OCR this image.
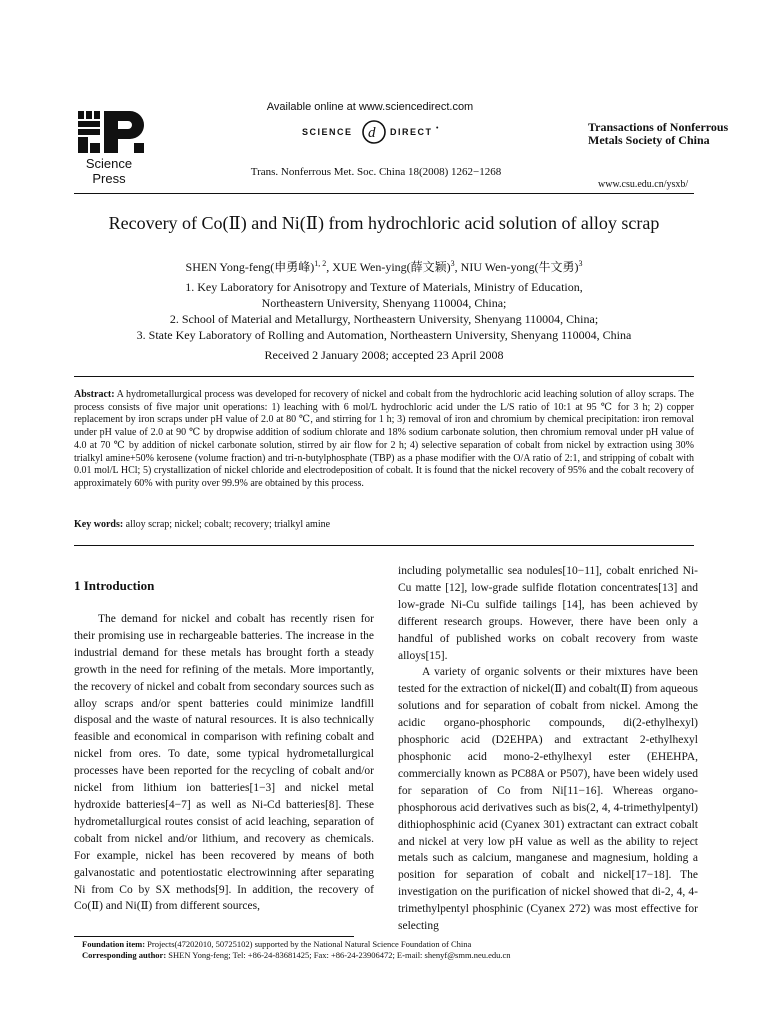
Science Press
Available online at www.sciencedirect.com
SCIENCE d DIRECT •
Trans. Nonferrous Met. Soc. China 18(2008) 1262−1268
Transactions of Nonferrous Metals Society of China
www.csu.edu.cn/ysxb/
Recovery of Co(Ⅱ) and Ni(Ⅱ) from hydrochloric acid solution of alloy scrap
SHEN Yong-feng(申勇峰)$^{1, 2}$, XUE Wen-ying(薛文颖)$^3$, NIU Wen-yong(牛文勇)$^3$
1. Key Laboratory for Anisotropy and Texture of Materials, Ministry of Education,
Northeastern University, Shenyang 110004, China;
2. School of Material and Metallurgy, Northeastern University, Shenyang 110004, China;
3. State Key Laboratory of Rolling and Automation, Northeastern University, Shenyang 110004, China
Received 2 January 2008; accepted 23 April 2008
Abstract: A hydrometallurgical process was developed for recovery of nickel and cobalt from the hydrochloric acid leaching solution of alloy scraps. The process consists of five major unit operations: 1) leaching with 6 mol/L hydrochloric acid under the L/S ratio of 10:1 at 95 ℃ for 3 h; 2) copper replacement by iron scraps under pH value of 2.0 at 80 ℃, and stirring for 1 h; 3) removal of iron and chromium by chemical precipitation: iron removal under pH value of 2.0 at 90 ℃ by dropwise addition of sodium chlorate and 18% sodium carbonate solution, then chromium removal under pH value of 4.0 at 70 ℃ by addition of nickel carbonate solution, stirred by air flow for 2 h; 4) selective separation of cobalt from nickel by extraction using 30% trialkyl amine+50% kerosene (volume fraction) and tri-n-butylphosphate (TBP) as a phase modifier with the O/A ratio of 2:1, and stripping of cobalt with 0.01 mol/L HCl; 5) crystallization of nickel chloride and electrodeposition of cobalt. It is found that the nickel recovery of 95% and the cobalt recovery of approximately 60% with purity over 99.9% are obtained by this process.
Key words: alloy scrap; nickel; cobalt; recovery; trialkyl amine
1 Introduction

The demand for nickel and cobalt has recently risen for their promising use in rechargeable batteries. The increase in the industrial demand for these metals has brought forth a steady growth in the need for refining of the metals. More importantly, the recovery of nickel and cobalt from secondary sources such as alloy scraps and/or spent batteries could minimize landfill disposal and the waste of natural resources. It is also technically feasible and economical in comparison with refining cobalt and nickel from ores. To date, some typical hydrometallurgical processes have been reported for the recycling of cobalt and/or nickel from lithium ion batteries[1−3] and nickel metal hydroxide batteries[4−7] as well as Ni-Cd batteries[8]. These hydrometallurgical routes consist of acid leaching, separation of cobalt from nickel and/or lithium, and recovery as chemicals. For example, nickel has been recovered by means of both galvanostatic and potentiostatic electrowinning after separating Ni from Co by SX methods[9]. In addition, the recovery of Co(Ⅱ) and Ni(Ⅱ) from different sources,

including polymetallic sea nodules[10−11], cobalt enriched Ni-Cu matte [12], low-grade sulfide flotation concentrates[13] and low-grade Ni-Cu sulfide tailings [14], has been achieved by different research groups. However, there have been only a handful of published works on cobalt recovery from waste alloys[15].

A variety of organic solvents or their mixtures have been tested for the extraction of nickel(Ⅱ) and cobalt(Ⅱ) from aqueous solutions and for separation of cobalt from nickel. Among the acidic organo-phosphoric compounds, di(2-ethylhexyl) phosphoric acid (D2EHPA) and extractant 2-ethylhexyl phosphonic acid mono-2-ethylhexyl ester (EHEHPA, commercially known as PC88A or P507), have been widely used for separation of Co from Ni[11−16]. Whereas organo-phosphorous acid derivatives such as bis(2, 4, 4-trimethylpentyl) dithiophosphinic acid (Cyanex 301) extractant can extract cobalt and nickel at very low pH value as well as the ability to reject metals such as calcium, manganese and magnesium, holding a position for separation of cobalt and nickel[17−18]. The investigation on the purification of nickel showed that di-2, 4, 4-trimethylpentyl phosphinic (Cyanex 272) was most effective for selecting

Foundation item: Projects(47202010, 50725102) supported by the National Natural Science Foundation of China
Corresponding author: SHEN Yong-feng; Tel: +86-24-83681425; Fax: +86-24-23906472; E-mail: shenyf@smm.neu.edu.cn
